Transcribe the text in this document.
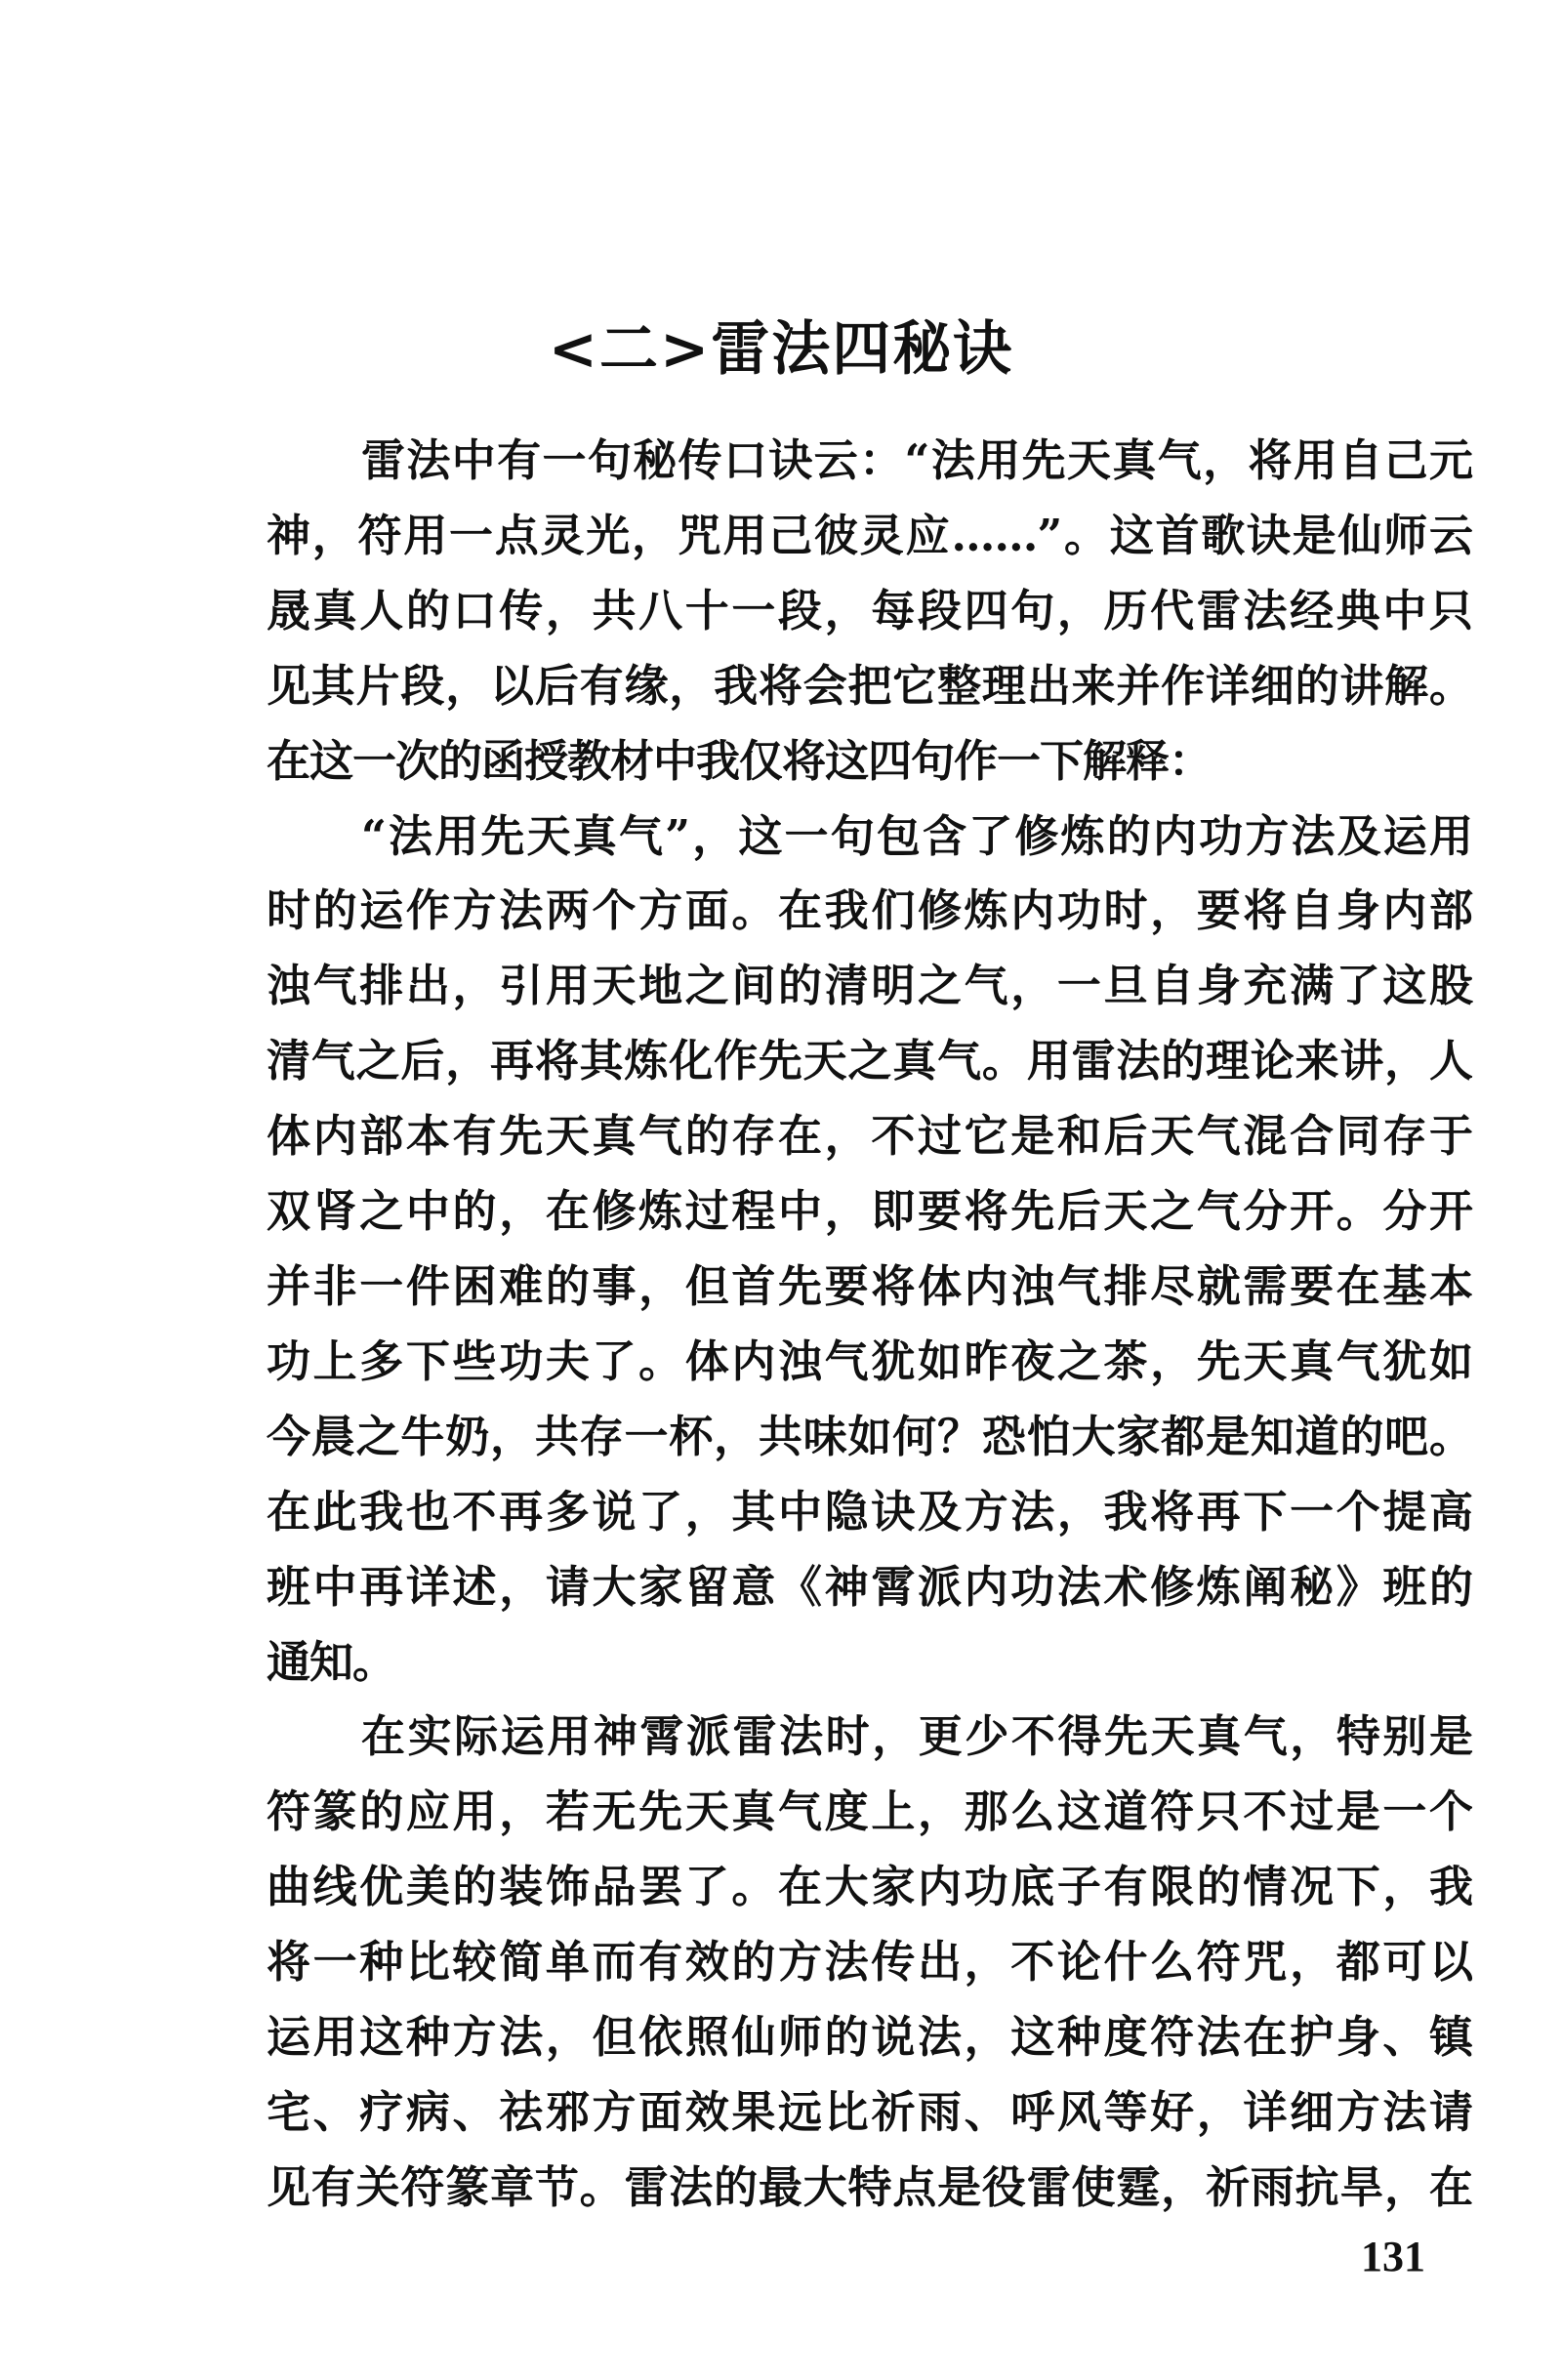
<二>雷法四秘诀
雷法中有一句秘传口诀云：“法用先天真气，将用自己元
神，符用一点灵光，咒用己彼灵应……”。这首歌诀是仙师云
晟真人的口传，共八十一段，每段四句，历代雷法经典中只
见其片段，以后有缘，我将会把它整理出来并作详细的讲解。
在这一次的函授教材中我仅将这四句作一下解释：
“法用先天真气”，这一句包含了修炼的内功方法及运用
时的运作方法两个方面。在我们修炼内功时，要将自身内部
浊气排出，引用天地之间的清明之气，一旦自身充满了这股
清气之后，再将其炼化作先天之真气。用雷法的理论来讲，人
体内部本有先天真气的存在，不过它是和后天气混合同存于
双肾之中的，在修炼过程中，即要将先后天之气分开。分开
并非一件困难的事，但首先要将体内浊气排尽就需要在基本
功上多下些功夫了。体内浊气犹如昨夜之茶，先天真气犹如
今晨之牛奶，共存一杯，共味如何？恐怕大家都是知道的吧。
在此我也不再多说了，其中隐诀及方法，我将再下一个提高
班中再详述，请大家留意《神霄派内功法术修炼阐秘》班的
通知。
在实际运用神霄派雷法时，更少不得先天真气，特别是
符篆的应用，若无先天真气度上，那么这道符只不过是一个
曲线优美的装饰品罢了。在大家内功底子有限的情况下，我
将一种比较简单而有效的方法传出，不论什么符咒，都可以
运用这种方法，但依照仙师的说法，这种度符法在护身、镇
宅、疗病、祛邪方面效果远比祈雨、呼风等好，详细方法请
见有关符篆章节。雷法的最大特点是役雷使霆，祈雨抗旱，在
131
